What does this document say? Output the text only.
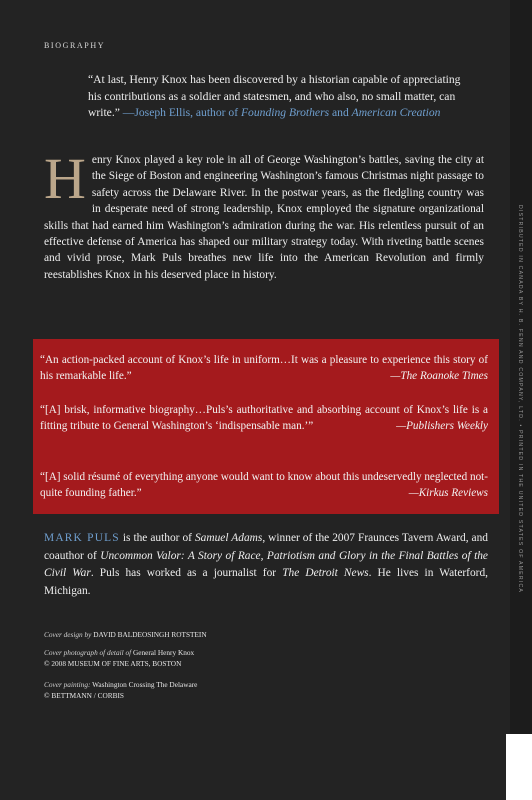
DISTRIBUTED IN CANADA BY H. B. FENN AND COMPANY, LTD. • PRINTED IN THE UNITED STATES OF AMERICA
BIOGRAPHY
“At last, Henry Knox has been discovered by a historian capable of appreciating his contributions as a soldier and statesmen, and who also, no small matter, can write.” —Joseph Ellis, author of Founding Brothers and American Creation
H enry Knox played a key role in all of George Washington’s battles, saving the city at the Siege of Boston and engineering Washington’s famous Christmas night passage to safety across the Delaware River. In the postwar years, as the fledgling country was in desperate need of strong leadership, Knox employed the signature organizational skills that had earned him Washington’s admiration during the war. His relentless pursuit of an effective defense of America has shaped our military strategy today. With riveting battle scenes and vivid prose, Mark Puls breathes new life into the American Revolution and firmly reestablishes Knox in his deserved place in history.
“An action-packed account of Knox’s life in uniform…It was a pleasure to experience this story of his remarkable life.”	—The Roanoke Times
“[A] brisk, informative biography…Puls’s authoritative and absorbing account of Knox’s life is a fitting tribute to General Washington’s ‘indispensable man.’”	—Publishers Weekly
“[A] solid résumé of everything anyone would want to know about this undeservedly neglected not-quite founding father.”	—Kirkus Reviews
MARK PULS is the author of Samuel Adams, winner of the 2007 Fraunces Tavern Award, and coauthor of Uncommon Valor: A Story of Race, Patriotism and Glory in the Final Battles of the Civil War. Puls has worked as a journalist for The Detroit News. He lives in Waterford, Michigan.
Cover design by DAVID BALDEOSINGH ROTSTEIN
Cover photograph of detail of General Henry Knox
© 2008 MUSEUM OF FINE ARTS, BOSTON
Cover painting: Washington Crossing The Delaware
© BETTMANN / CORBIS
